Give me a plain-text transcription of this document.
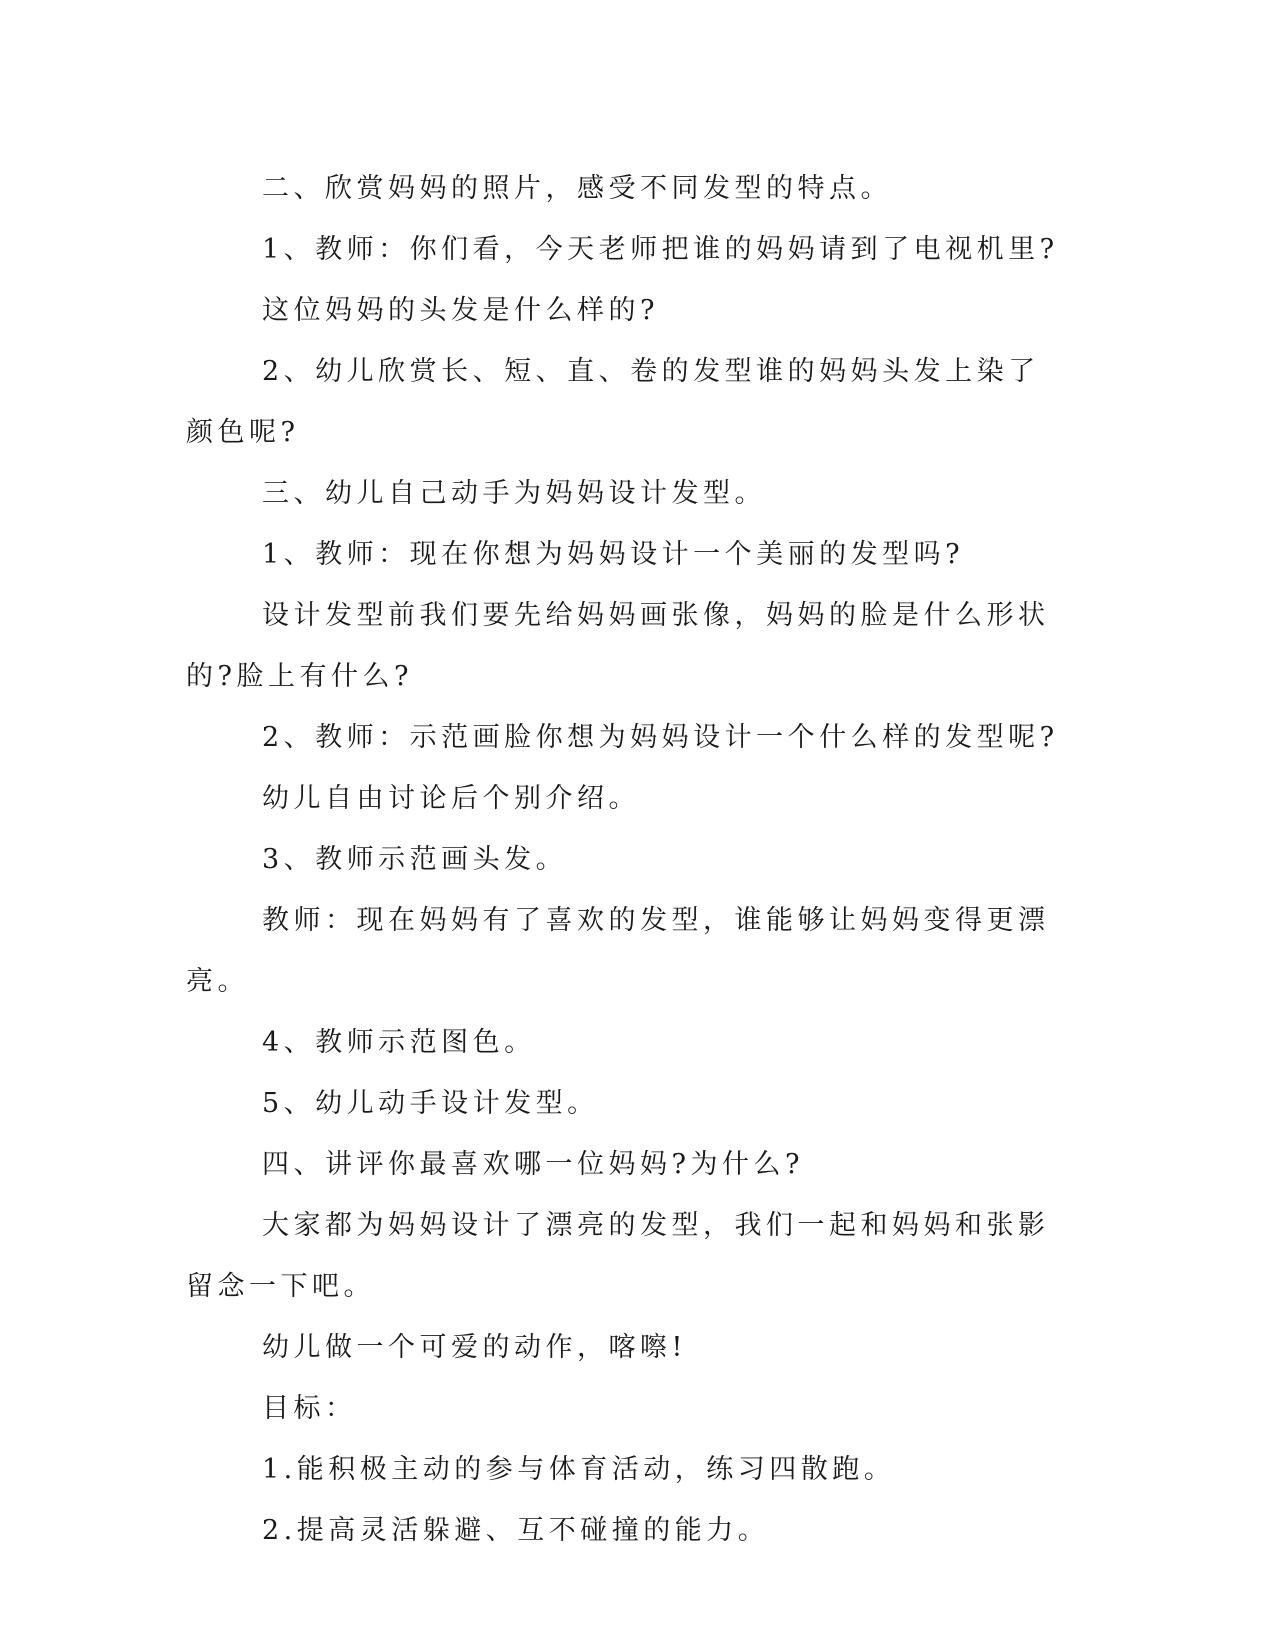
二、欣赏妈妈的照片，感受不同发型的特点。

1、教师：你们看，今天老师把谁的妈妈请到了电视机里?

这位妈妈的头发是什么样的?

2、幼儿欣赏长、短、直、卷的发型谁的妈妈头发上染了颜色呢?

三、幼儿自己动手为妈妈设计发型。

1、教师：现在你想为妈妈设计一个美丽的发型吗?

设计发型前我们要先给妈妈画张像，妈妈的脸是什么形状的?脸上有什么?

2、教师：示范画脸你想为妈妈设计一个什么样的发型呢?

幼儿自由讨论后个别介绍。

3、教师示范画头发。

教师：现在妈妈有了喜欢的发型，谁能够让妈妈变得更漂亮。

4、教师示范图色。

5、幼儿动手设计发型。

四、讲评你最喜欢哪一位妈妈?为什么?

大家都为妈妈设计了漂亮的发型，我们一起和妈妈和张影留念一下吧。

幼儿做一个可爱的动作，喀嚓!

目标：

1.能积极主动的参与体育活动，练习四散跑。

2.提高灵活躲避、互不碰撞的能力。
